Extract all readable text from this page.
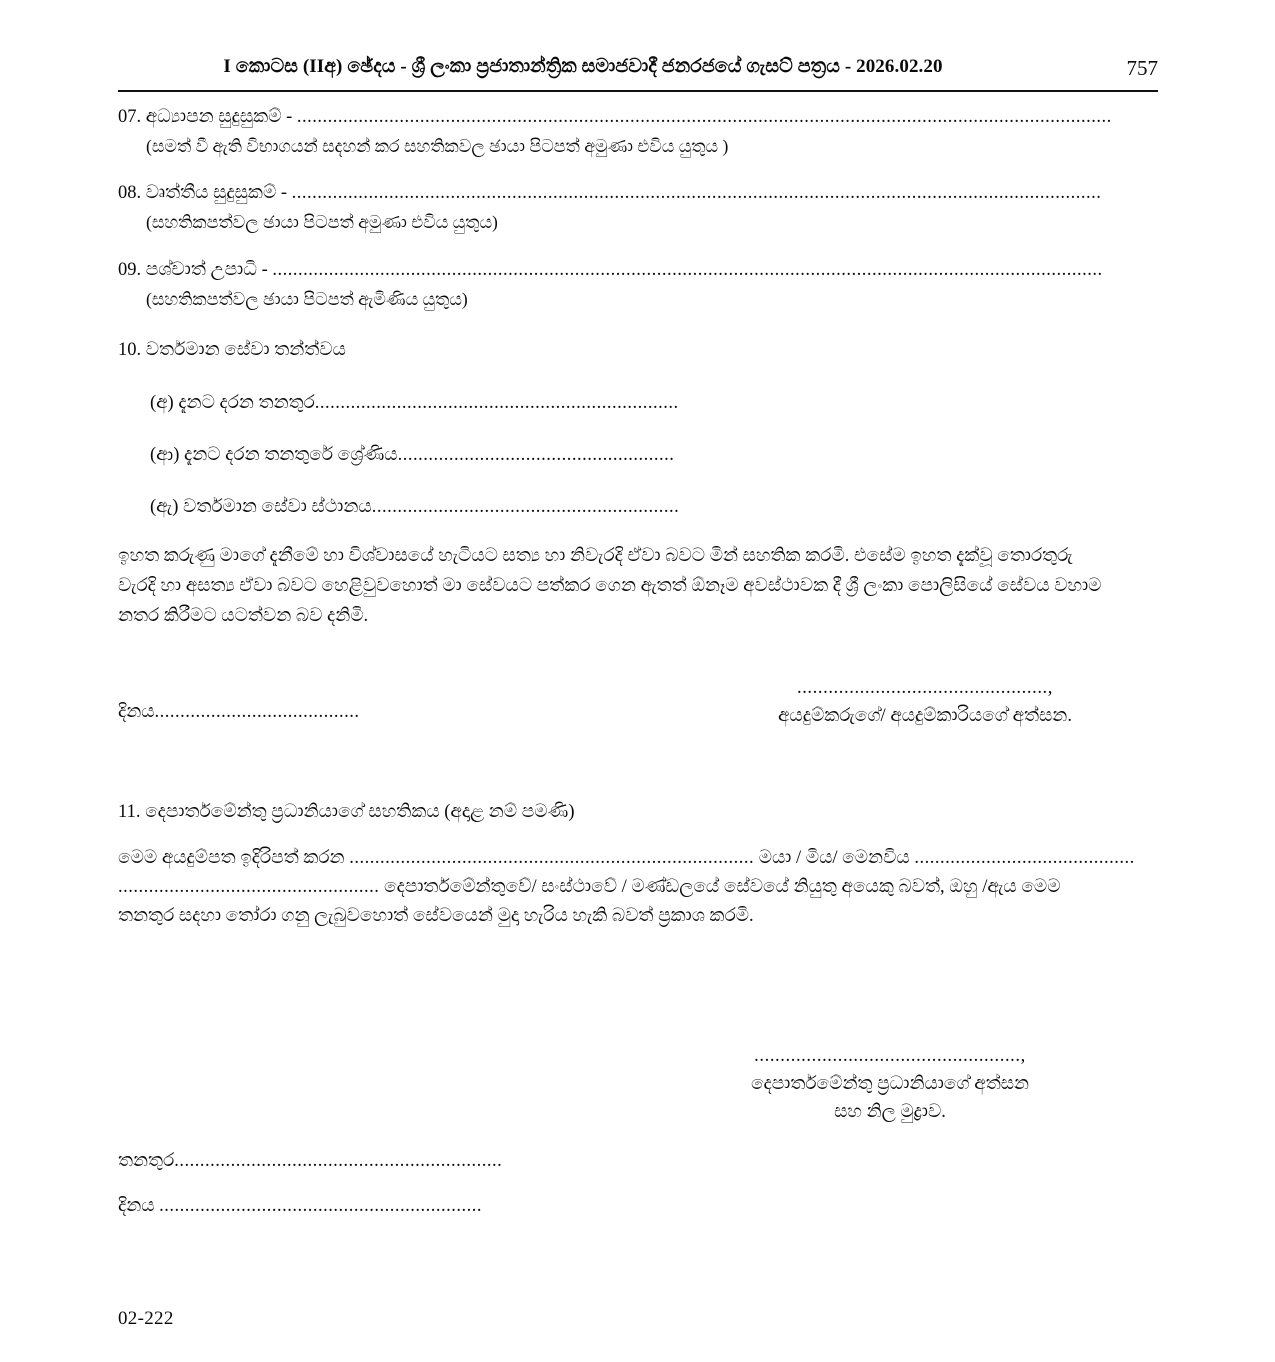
I කොටස (IIඅ) ඡේදය - ශ්‍රී ලංකා ප්‍රජාතාන්ත්‍රික සමාජවාදී ජනරජයේ ගැසට් පත්‍රය - 2026.02.20	757
07. අධ්‍යාපන සුදුසුකම් - ...............................................................................................................................................................
(සමත් වී ඇති විභාගයන් සදහන් කර සහතිකවල ඡායා පිටපත් අමුණා එවිය යුතුය )
08. වෘත්තීය සුදුසුකම් - ..............................................................................................................................................................
(සහතිකපත්වල ඡායා පිටපත් අමුණා එවිය යුතුය)
09. පශ්චාත් උපාධි - ..................................................................................................................................................................
(සහතිකපත්වල ඡායා පිටපත් ඇමිණිය යුතුය)
10. වර්තමාන සේවා තන්ත්වය
(අ) දැනට දරන තනතුර.......................................................................
(ආ) දැනට දරන තනතුරේ ශ්‍රේණිය......................................................
(ඇ) වර්තමාන සේවා ස්ථානය............................................................
ඉහත කරුණු මාගේ දැනීමේ හා විශ්වාසයේ හැටියට සත්‍ය හා නිවැරදි ඒවා බවට මින් සහතික කරමි. එසේම ඉහත දැක්වූ තොරතුරු
වැරදි හා අසත්‍ය ඒවා බවට හෙළිවුවහොත් මා සේවයට පත්කර ගෙන ඇතත් ඕනෑම අවස්ථාවක දී ශ්‍රී ලංකා පොලිසියේ සේවය වහාම
නතර කිරීමට යටත්වන බව දනිමි.
දිනය........................................
................................................,
අයදුම්කරුගේ/ අයදුම්කාරියගේ අත්සන.
11. දෙපාර්තමේන්තු ප්‍රධානියාගේ සහතිකය (අදාළ නම් පමණි)
මෙම අයදුම්පත ඉදිරිපත් කරන ............................................................................... මයා / මිය/ මෙනවිය ...........................................
................................................... දෙපාර්තමේන්තුවේ/ සංස්ථාවේ / මණ්ඩලයේ සේවයේ නියුතු අයෙකු බවත්, ඔහු /ඇය මෙම
තනතුර සදහා තෝරා ගනු ලැබුවහොත් සේවයෙන් මුදා හැරිය හැකි බවත් ප්‍රකාශ කරමි.
...................................................,
දෙපාර්තමේන්තු ප්‍රධානියාගේ අත්සන
සහ නිල මුද්‍රාව.
තනතුර................................................................
දිනය ...............................................................
02-222
